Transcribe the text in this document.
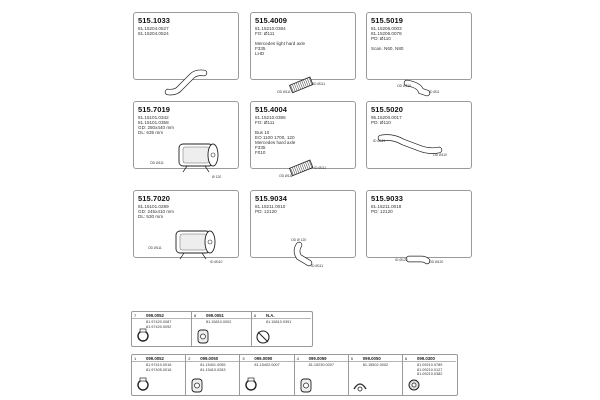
515.1033
81.15204.0527
81.15204.0524
OD Ø111
ID Ø111
515.4009
81.15210.0384
FO: Ø111
Mercedes light hard axle
F335
LHD
OD Ø110
ID Ø11
515.5019
81.15206.0003
81.15206.0078
PD: Ø110
Scan. N60, N80
OD Ø111
Ø 120
515.7019
81.15101.0342
81.15101.0358
GD: 250x440 mm
DL: 635 mm
OD Ø111
ID Ø111
515.4004
81.15210.0386
FO: Ø111
Bus 10
EO 1100 1700, 120
Mercedes hard axle
F335
F010
ID Ø111
OD Ø110
515.5020
95.15200.0017
PD: Ø110
OD Ø111
ID Ø110
515.7020
81.15101.0289
GD: 245x410 mm
DL: 530 mm
OD Ø 120
ID Ø111
515.9034
81.15211.0010
PD: 12120
ID Ø120	OD Ø120
515.9033
81.15211.0018
PD: 12120
7 099.0052
81.97420.0087
81.97420.0092
8 099.0051
81.15810.0002
6 N.A.
81.15810.0391
1 099.0052
81.97410.0016
81.97405.0016
2 099.0050
81.15401.0055
81.15410.0263
3 099.0090
81.15402.0007
4 099.0059
81.15230.0007
5 099.0050
81.15502.0002
6 099.0300
81.09210.0789
81.09210.0127
81.09210.0382
